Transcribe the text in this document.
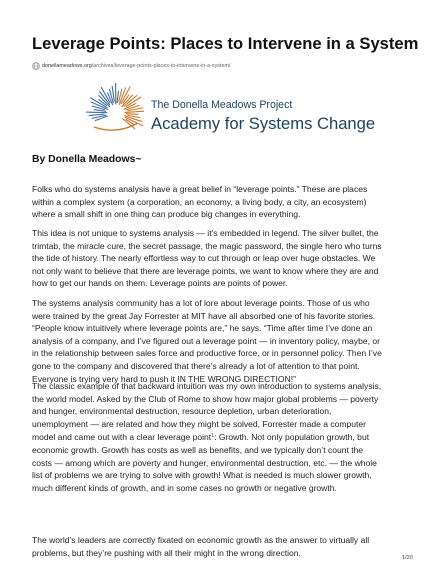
Leverage Points: Places to Intervene in a System
donellameadows.org /archives/leverage-points-places-to-intervene-in-a-system/
The Donella Meadows Project
Academy for Systems Change
By Donella Meadows~
Folks who do systems analysis have a great belief in “leverage points.” These are places
within a complex system (a corporation, an economy, a living body, a city, an ecosystem)
where a small shift in one thing can produce big changes in everything.
This idea is not unique to systems analysis — it’s embedded in legend. The silver bullet, the
trimtab, the miracle cure, the secret passage, the magic password, the single hero who turns
the tide of history. The nearly effortless way to cut through or leap over huge obstacles. We
not only want to believe that there are leverage points, we want to know where they are and
how to get our hands on them. Leverage points are points of power.
The systems analysis community has a lot of lore about leverage points. Those of us who
were trained by the great Jay Forrester at MIT have all absorbed one of his favorite stories.
“People know intuitively where leverage points are,” he says. “Time after time I’ve done an
analysis of a company, and I’ve figured out a leverage point — in inventory policy, maybe, or
in the relationship between sales force and productive force, or in personnel policy. Then I’ve
gone to the company and discovered that there’s already a lot of attention to that point.
Everyone is trying very hard to push it IN THE WRONG DIRECTION!”
The classic example of that backward intuition was my own introduction to systems analysis,
the world model. Asked by the Club of Rome to show how major global problems — poverty
and hunger, environmental destruction, resource depletion, urban deterioration,
unemployment — are related and how they might be solved, Forrester made a computer
model and came out with a clear leverage point$^1$: Growth. Not only population growth, but
economic growth. Growth has costs as well as benefits, and we typically don’t count the
costs — among which are poverty and hunger, environmental destruction, etc. — the whole
list of problems we are trying to solve with growth! What is needed is much slower growth,
much different kinds of growth, and in some cases no growth or negative growth.
The world’s leaders are correctly fixated on economic growth as the answer to virtually all
problems, but they’re pushing with all their might in the wrong direction.
1/20
